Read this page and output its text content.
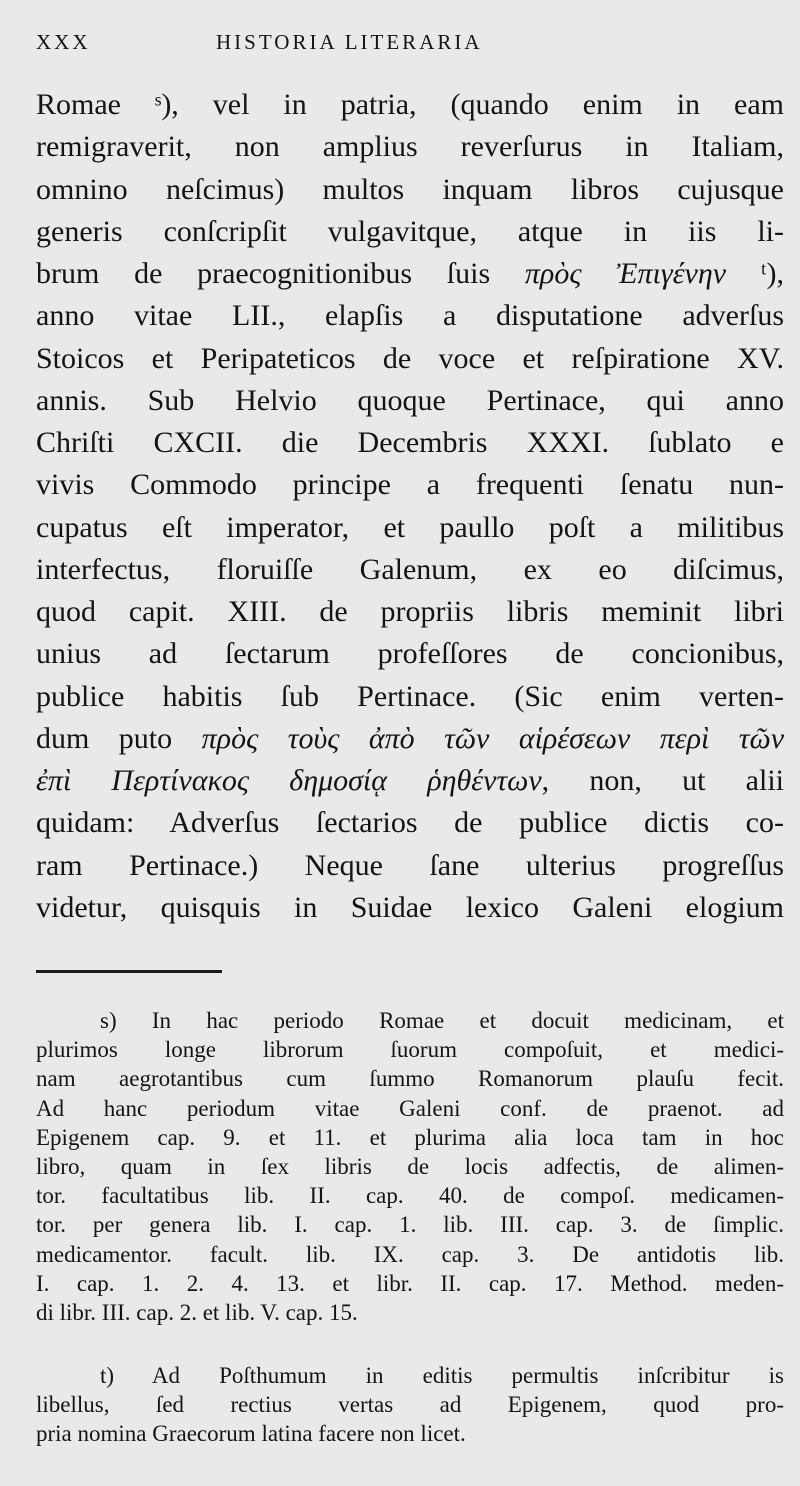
XXX	HISTORIA LITERARIA
Romae ˢ), vel in patria, (quando enim in eam
remigraverit, non amplius reverſurus in Italiam,
omnino neſcimus) multos inquam libros cujusque
generis conſcripſit vulgavitque, atque in iis li-
brum de praecognitionibus ſuis πρὸς Ἐπιγένην ᵗ),
anno vitae LII., elapſis a disputatione adverſus
Stoicos et Peripateticos de voce et reſpiratione XV.
annis. Sub Helvio quoque Pertinace, qui anno
Chriſti CXCII. die Decembris XXXI. ſublato e
vivis Commodo principe a frequenti ſenatu nun-
cupatus eſt imperator, et paullo poſt a militibus
interfectus, floruiſſe Galenum, ex eo diſcimus,
quod capit. XIII. de propriis libris meminit libri
unius ad ſectarum profeſſores de concionibus,
publice habitis ſub Pertinace. (Sic enim verten-
dum puto πρὸς τοὺς ἀπὸ τῶν αἱρέσεων περὶ τῶν
ἐπὶ Περτίνακος δημοσίᾳ ῥηθέντων, non, ut alii
quidam: Adverſus ſectarios de publice dictis co-
ram Pertinace.) Neque ſane ulterius progreſſus
videtur, quisquis in Suidae lexico Galeni elogium
s) In hac periodo Romae et docuit medicinam, et
plurimos longe librorum ſuorum compoſuit, et medici-
nam aegrotantibus cum ſummo Romanorum plauſu fecit.
Ad hanc periodum vitae Galeni conf. de praenot. ad
Epigenem cap. 9. et 11. et plurima alia loca tam in hoc
libro, quam in ſex libris de locis adfectis, de alimen-
tor. facultatibus lib. II. cap. 40. de compoſ. medicamen-
tor. per genera lib. I. cap. 1. lib. III. cap. 3. de ſimplic.
medicamentor. facult. lib. IX. cap. 3. De antidotis lib.
I. cap. 1. 2. 4. 13. et libr. II. cap. 17. Method. meden-
di libr. III. cap. 2. et lib. V. cap. 15.
t) Ad Poſthumum in editis permultis inſcribitur is
libellus, ſed rectius vertas ad Epigenem, quod pro-
pria nomina Graecorum latina facere non licet.
